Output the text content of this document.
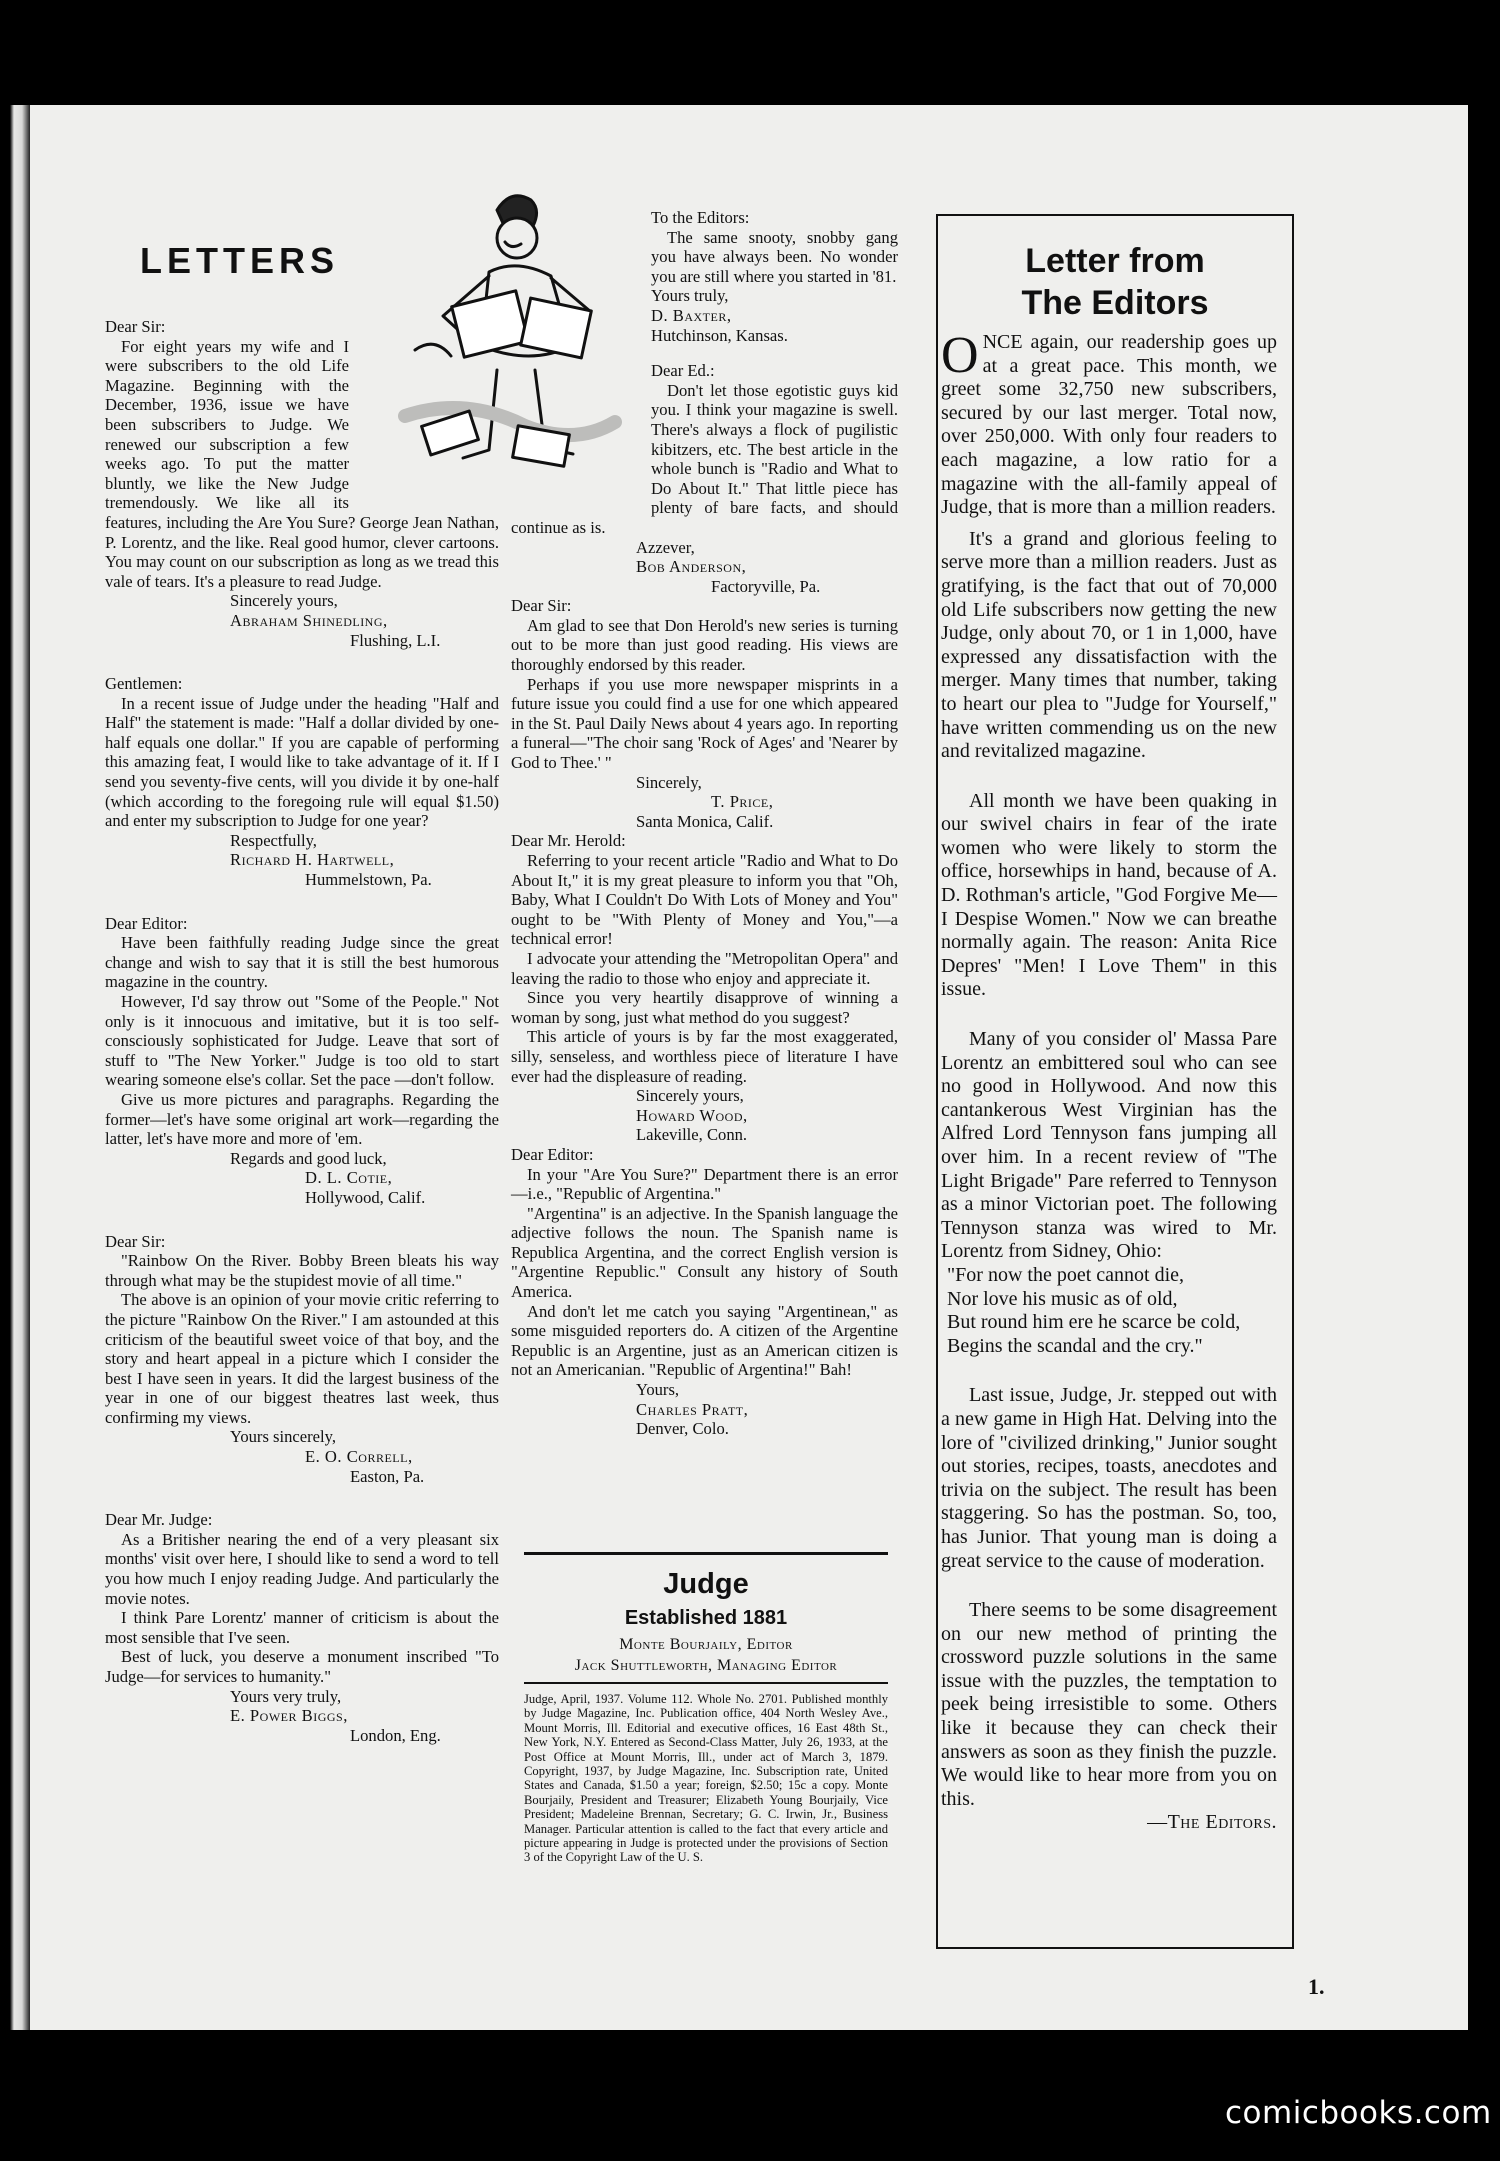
LETTERS

Dear Sir:

For eight years my wife and I were subscribers to the old Life Magazine. Beginning with the December, 1936, issue we have been subscribers to Judge. We renewed our subscription a few weeks ago. To put the matter bluntly, we like the New Judge tremendously. We like all its features, including the Are You Sure? George Jean Nathan, P. Lorentz, and the like. Real good humor, clever cartoons. You may count on our subscription as long as we tread this vale of tears. It's a pleasure to read Judge.

Sincerely yours,

Abraham Shinedling,

Flushing, L.I.

Gentlemen:

In a recent issue of Judge under the heading "Half and Half" the statement is made: "Half a dollar divided by one-half equals one dollar." If you are capable of performing this amazing feat, I would like to take advantage of it. If I send you seventy-five cents, will you divide it by one-half (which according to the foregoing rule will equal $1.50) and enter my subscription to Judge for one year?

Respectfully,

Richard H. Hartwell,

Hummelstown, Pa.

Dear Editor:

Have been faithfully reading Judge since the great change and wish to say that it is still the best humorous magazine in the country.

However, I'd say throw out "Some of the People." Not only is it innocuous and imitative, but it is too self-consciously sophisticated for Judge. Leave that sort of stuff to "The New Yorker." Judge is too old to start wearing someone else's collar. Set the pace —don't follow.

Give us more pictures and paragraphs. Regarding the former—let's have some original art work—regarding the latter, let's have more and more of 'em.

Regards and good luck,

D. L. Cotie,

Hollywood, Calif.

Dear Sir:

"Rainbow On the River. Bobby Breen bleats his way through what may be the stupidest movie of all time."

The above is an opinion of your movie critic referring to the picture "Rainbow On the River." I am astounded at this criticism of the beautiful sweet voice of that boy, and the story and heart appeal in a picture which I consider the best I have seen in years. It did the largest business of the year in one of our biggest theatres last week, thus confirming my views.

Yours sincerely,

E. O. Correll,

Easton, Pa.

Dear Mr. Judge:

As a Britisher nearing the end of a very pleasant six months' visit over here, I should like to send a word to tell you how much I enjoy reading Judge. And particularly the movie notes.

I think Pare Lorentz' manner of criticism is about the most sensible that I've seen.

Best of luck, you deserve a monument inscribed "To Judge—for services to humanity."

Yours very truly,

E. Power Biggs,

London, Eng.

To the Editors:

The same snooty, snobby gang you have always been. No wonder you are still where you started in '81.

Yours truly,

D. Baxter,

Hutchinson, Kansas.

Dear Ed.:

Don't let those egotistic guys kid you. I think your magazine is swell. There's always a flock of pugilistic kibitzers, etc. The best article in the whole bunch is "Radio and What to Do About It." That little piece has plenty of bare facts, and should continue as is.

Azzever,

Bob Anderson,

Factoryville, Pa.

Dear Sir:

Am glad to see that Don Herold's new series is turning out to be more than just good reading. His views are thoroughly endorsed by this reader.

Perhaps if you use more newspaper misprints in a future issue you could find a use for one which appeared in the St. Paul Daily News about 4 years ago. In reporting a funeral—"The choir sang 'Rock of Ages' and 'Nearer by God to Thee.' "

Sincerely,

T. Price,

Santa Monica, Calif.

Dear Mr. Herold:

Referring to your recent article "Radio and What to Do About It," it is my great pleasure to inform you that "Oh, Baby, What I Couldn't Do With Lots of Money and You" ought to be "With Plenty of Money and You,"—a technical error!

I advocate your attending the "Metropolitan Opera" and leaving the radio to those who enjoy and appreciate it.

Since you very heartily disapprove of winning a woman by song, just what method do you suggest?

This article of yours is by far the most exaggerated, silly, senseless, and worthless piece of literature I have ever had the displeasure of reading.

Sincerely yours,

Howard Wood,

Lakeville, Conn.

Dear Editor:

In your "Are You Sure?" Department there is an error—i.e., "Republic of Argentina."

"Argentina" is an adjective. In the Spanish language the adjective follows the noun. The Spanish name is Republica Argentina, and the correct English version is "Argentine Republic." Consult any history of South America.

And don't let me catch you saying "Argentinean," as some misguided reporters do. A citizen of the Argentine Republic is an Argentine, just as an American citizen is not an Americanian. "Republic of Argentina!" Bah!

Yours,

Charles Pratt,

Denver, Colo.

Judge
Established 1881
Monte Bourjaily, Editor
Jack Shuttleworth, Managing Editor
Judge, April, 1937. Volume 112. Whole No. 2701. Published monthly by Judge Magazine, Inc. Publication office, 404 North Wesley Ave., Mount Morris, Ill. Editorial and executive offices, 16 East 48th St., New York, N.Y. Entered as Second-Class Matter, July 26, 1933, at the Post Office at Mount Morris, Ill., under act of March 3, 1879. Copyright, 1937, by Judge Magazine, Inc. Subscription rate, United States and Canada, $1.50 a year; foreign, $2.50; 15c a copy. Monte Bourjaily, President and Treasurer; Elizabeth Young Bourjaily, Vice President; Madeleine Brennan, Secretary; G. C. Irwin, Jr., Business Manager. Particular attention is called to the fact that every article and picture appearing in Judge is protected under the provisions of Section 3 of the Copyright Law of the U. S.
Letter from
The Editors

ONCE again, our readership goes up at a great pace. This month, we greet some 32,750 new subscribers, secured by our last merger. Total now, over 250,000. With only four readers to each magazine, a low ratio for a magazine with the all-family appeal of Judge, that is more than a million readers.

It's a grand and glorious feeling to serve more than a million readers. Just as gratifying, is the fact that out of 70,000 old Life subscribers now getting the new Judge, only about 70, or 1 in 1,000, have expressed any dissatisfaction with the merger. Many times that number, taking to heart our plea to "Judge for Yourself," have written commending us on the new and revitalized magazine.

All month we have been quaking in our swivel chairs in fear of the irate women who were likely to storm the office, horsewhips in hand, because of A. D. Rothman's article, "God Forgive Me—I Despise Women." Now we can breathe normally again. The reason: Anita Rice Depres' "Men! I Love Them" in this issue.

Many of you consider ol' Massa Pare Lorentz an embittered soul who can see no good in Hollywood. And now this cantankerous West Virginian has the Alfred Lord Tennyson fans jumping all over him. In a recent review of "The Light Brigade" Pare referred to Tennyson as a minor Victorian poet. The following Tennyson stanza was wired to Mr. Lorentz from Sidney, Ohio:

"For now the poet cannot die,

Nor love his music as of old,

But round him ere he scarce be cold,

Begins the scandal and the cry."

Last issue, Judge, Jr. stepped out with a new game in High Hat. Delving into the lore of "civilized drinking," Junior sought out stories, recipes, toasts, anecdotes and trivia on the subject. The result has been staggering. So has the postman. So, too, has Junior. That young man is doing a great service to the cause of moderation.

There seems to be some disagreement on our new method of printing the crossword puzzle solutions in the same issue with the puzzles, the temptation to peek being irresistible to some. Others like it because they can check their answers as soon as they finish the puzzle. We would like to hear more from you on this.

—The Editors.

1.
comicbooks.com
